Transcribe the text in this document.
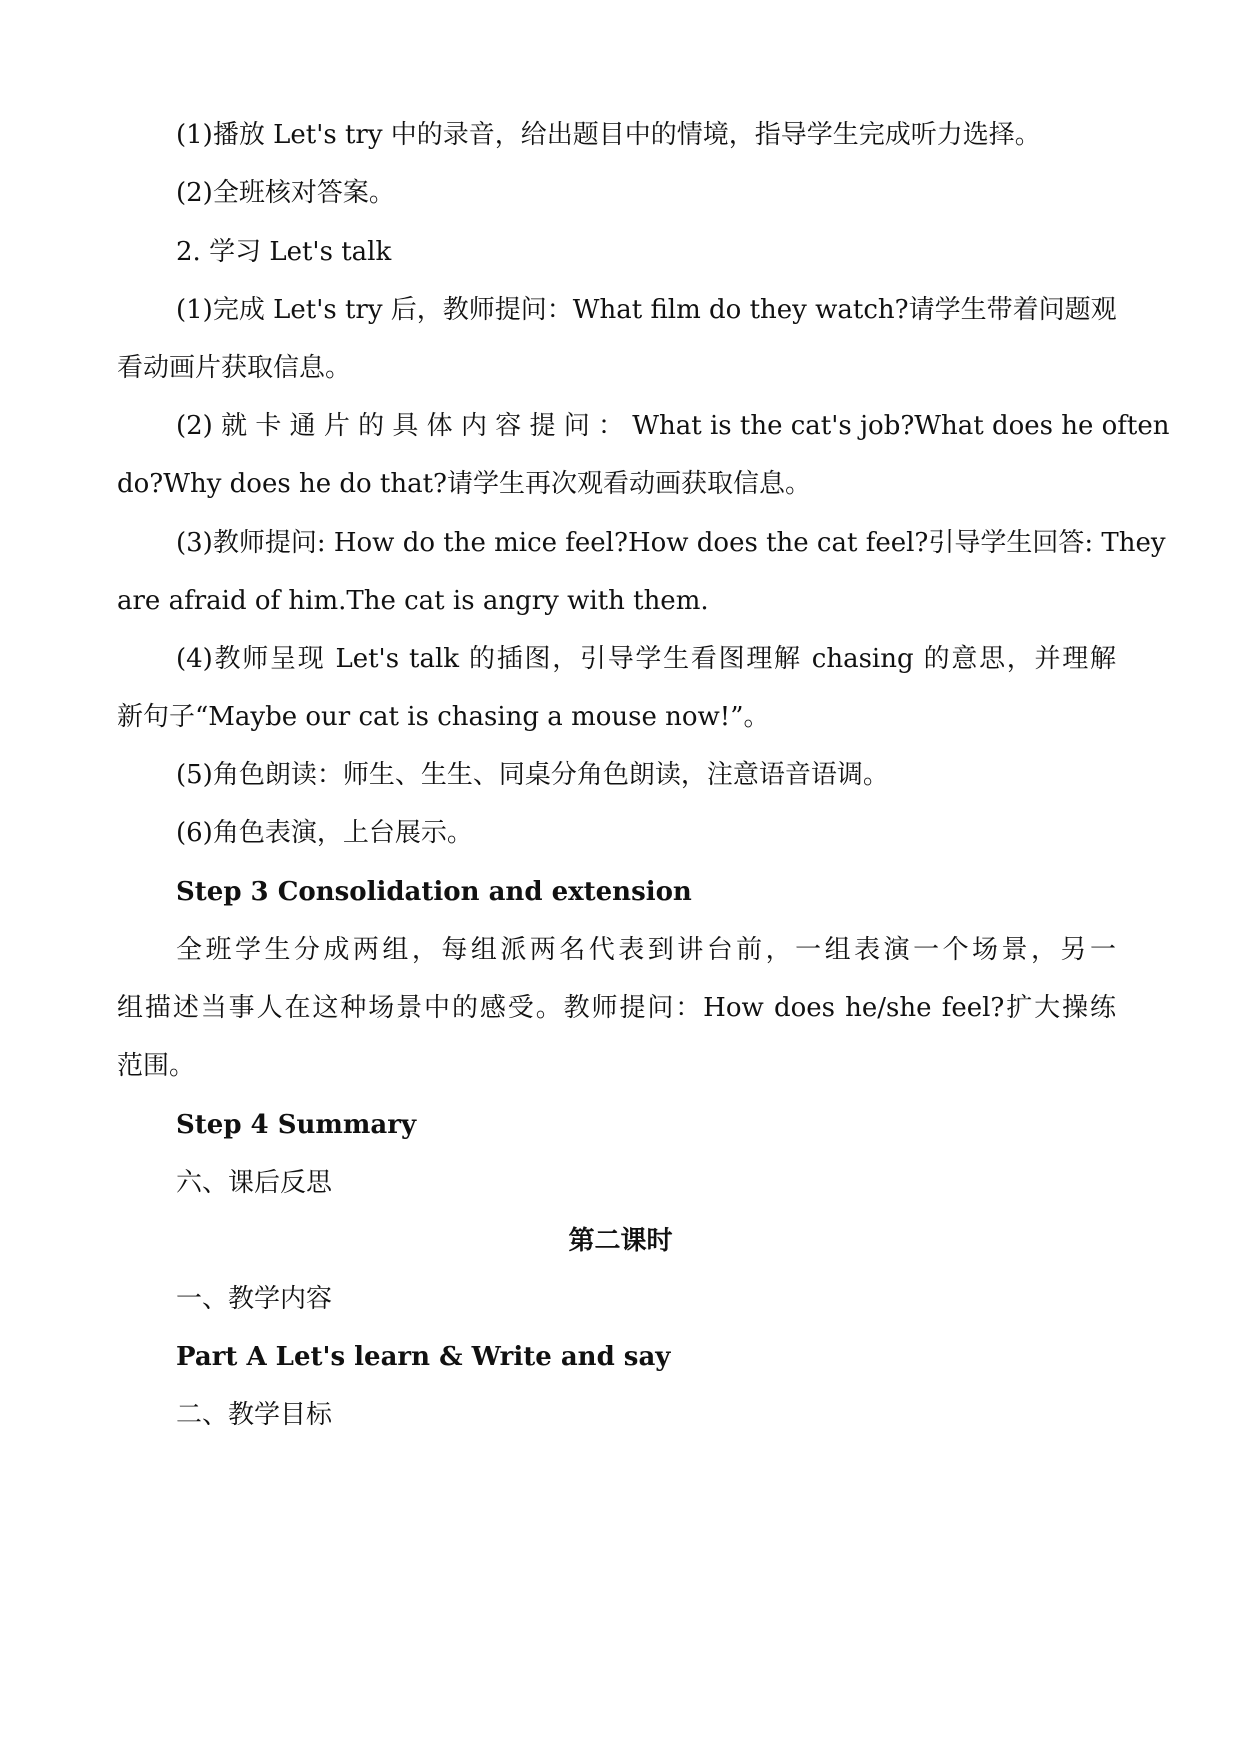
(1)播放 Let's try 中的录音，给出题目中的情境，指导学生完成听力选择。
(2)全班核对答案。
2. 学习 Let's talk
(1)完成 Let's try 后，教师提问：What film do they watch?请学生带着问题观
看动画片获取信息。
(2) 就 卡 通 片 的 具 体 内 容 提 问 ： What is the cat's job?What does he often
do?Why does he do that?请学生再次观看动画获取信息。
(3)教师提问: How do the mice feel?How does the cat feel?引导学生回答: They
are afraid of him.The cat is angry with them.
(4)教师呈现 Let's talk 的插图，引导学生看图理解 chasing 的意思，并理解
新句子“Maybe our cat is chasing a mouse now!”。
(5)角色朗读：师生、生生、同桌分角色朗读，注意语音语调。
(6)角色表演，上台展示。
Step 3 Consolidation and extension
全班学生分成两组，每组派两名代表到讲台前，一组表演一个场景，另一
组描述当事人在这种场景中的感受。教师提问：How does he/she feel?扩大操练
范围。
Step 4 Summary
六、课后反思
第二课时
一、教学内容
Part A Let's learn & Write and say
二、教学目标
